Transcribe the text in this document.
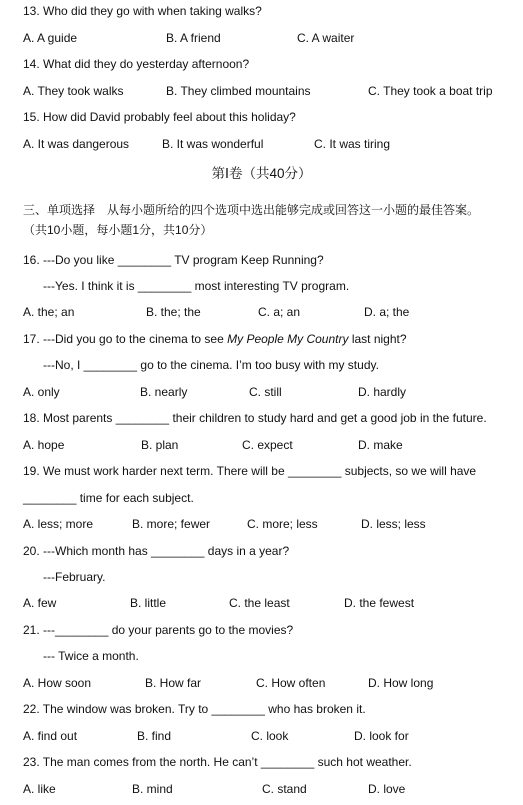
13. Who did they go with when taking walks?
A. A guide	B. A friend	C. A waiter
14. What did they do yesterday afternoon?
A. They took walks	B. They climbed mountains	C. They took a boat trip
15. How did David probably feel about this holiday?
A. It was dangerous	B. It was wonderful	C. It was tiring
第Ⅰ卷（共40分）
三、单项选择　从每小题所给的四个选项中选出能够完成或回答这一小题的最佳答案。
（共10小题，每小题1分，共10分）
16. ---Do you like ________ TV program Keep Running?
---Yes. I think it is ________ most interesting TV program.
A. the; an	B. the; the	C. a; an	D. a; the
17. ---Did you go to the cinema to see My People My Country last night?
---No, I ________ go to the cinema. I’m too busy with my study.
A. only	B. nearly	C. still	D. hardly
18. Most parents ________ their children to study hard and get a good job in the future.
A. hope	B. plan	C. expect	D. make
19. We must work harder next term. There will be ________ subjects, so we will have
________ time for each subject.
A. less; more	B. more; fewer	C. more; less	D. less; less
20. ---Which month has ________ days in a year?
---February.
A. few	B. little	C. the least	D. the fewest
21. ---________ do your parents go to the movies?
--- Twice a month.
A. How soon	B. How far	C. How often	D. How long
22. The window was broken. Try to ________ who has broken it.
A. find out	B. find	C. look	D. look for
23. The man comes from the north. He can’t ________ such hot weather.
A. like	B. mind	C. stand	D. love
